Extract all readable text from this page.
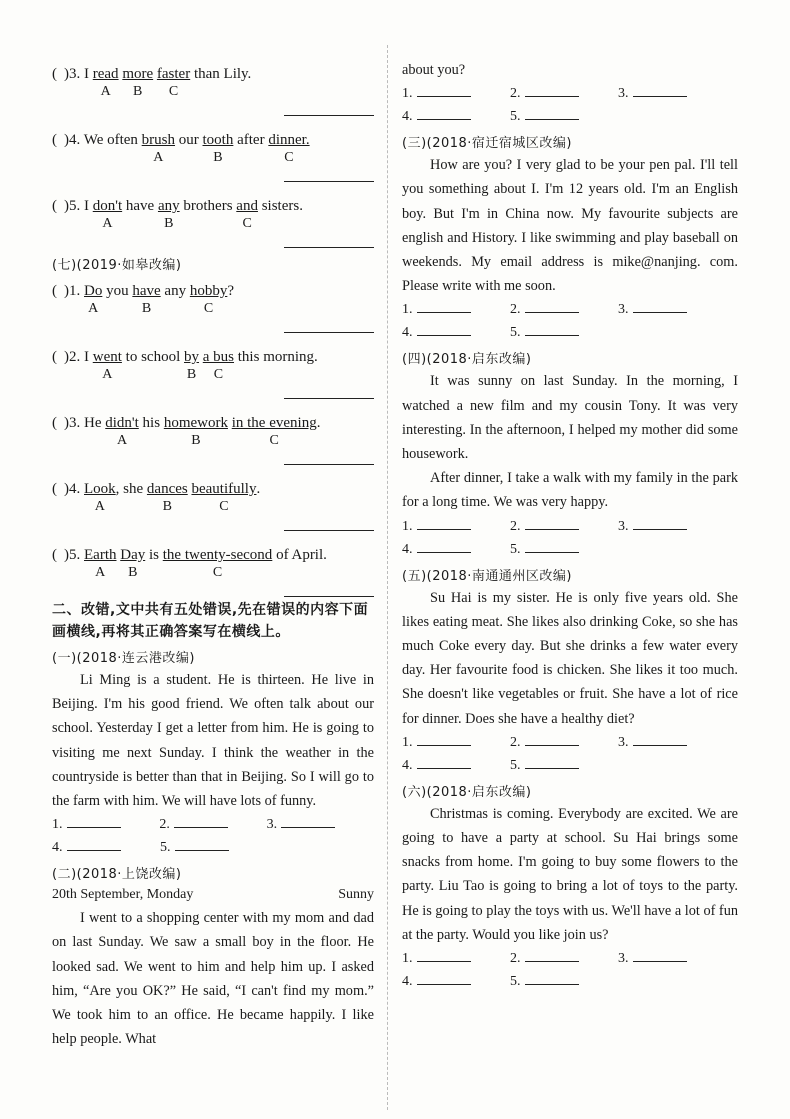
( )3. I read
A
more
B
faster
C
than Lily.
( )4. We often brush
A
our tooth
B
after dinner.
C
( )5. I don't
A
have any
B
brothers and
C
sisters.
(七)(2019·如皋改编)
( )1. Do
A
you have
B
any hobby
C
?
( )2. I went
A
to school by
B
a bus
C
this morning.
( )3. He didn't
A
his homework
B
in the evening
C
.
( )4. Look
A
, she dances
B
beautifully
C
.
( )5. Earth
A
Day
B
is the twenty-second
C
of April.
二、改错,文中共有五处错误,先在错误的内容下面画横线,再将其正确答案写在横线上。
(一)(2018·连云港改编)
Li Ming is a student. He is thirteen. He live in Beijing. I'm his good friend. We often talk about our school. Yesterday I get a letter from him. He is going to visiting me next Sunday. I think the weather in the countryside is better than that in Beijing. So I will go to the farm with him. We will have lots of funny.
1.	2.	3.
4.	5.
(二)(2018·上饶改编)
20th September, Monday	Sunny
I went to a shopping center with my mom and dad on last Sunday. We saw a small boy in the floor. He looked sad. We went to him and help him up. I asked him, “Are you OK?” He said, “I can't find my mom.” We took him to an office. He became happily. I like help people. What
about you?
1.	2.	3.
4.	5.
(三)(2018·宿迁宿城区改编)
How are you? I very glad to be your pen pal. I'll tell you something about I. I'm 12 years old. I'm an English boy. But I'm in China now. My favourite subjects are english and History. I like swimming and play baseball on weekends. My email address is mike@nanjing. com. Please write with me soon.
1.	2.	3.
4.	5.
(四)(2018·启东改编)
It was sunny on last Sunday. In the morning, I watched a new film and my cousin Tony. It was very interesting. In the afternoon, I helped my mother did some housework.
After dinner, I take a walk with my family in the park for a long time. We was very happy.
1.	2.	3.
4.	5.
(五)(2018·南通通州区改编)
Su Hai is my sister. He is only five years old. She likes eating meat. She likes also drinking Coke, so she has much Coke every day. But she drinks a few water every day. Her favourite food is chicken. She likes it too much. She doesn't like vegetables or fruit. She have a lot of rice for dinner. Does she have a healthy diet?
1.	2.	3.
4.	5.
(六)(2018·启东改编)
Christmas is coming. Everybody are excited. We are going to have a party at school. Su Hai brings some snacks from home. I'm going to buy some flowers to the party. Liu Tao is going to bring a lot of toys to the party. He is going to play the toys with us. We'll have a lot of fun at the party. Would you like join us?
1.	2.	3.
4.	5.
